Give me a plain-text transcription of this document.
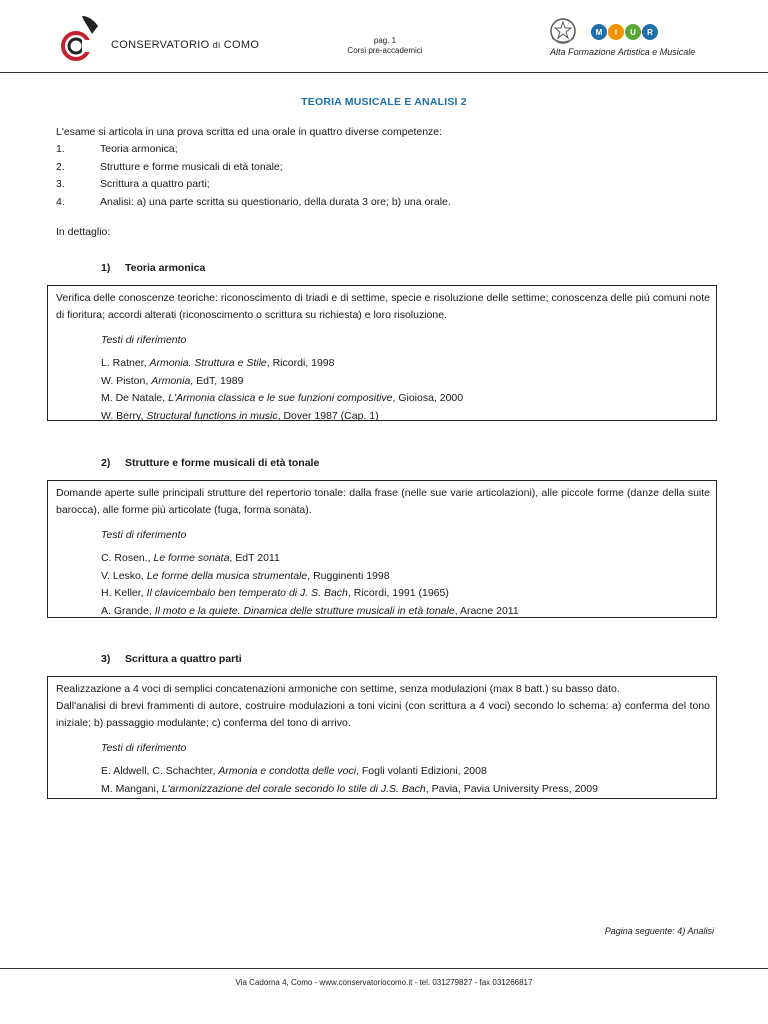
CONSERVATORIO di COMO	pag. 1
Corsi pre-accademici
M I U R
Alta Formazione Artistica e Musicale
TEORIA MUSICALE E ANALISI 2
L'esame si articola in una prova scritta ed una orale in quattro diverse competenze:
1.	Teoria armonica;
2.	Strutture e forme musicali di età tonale;
3.	Scrittura a quattro parti;
4.	Analisi: a) una parte scritta su questionario, della durata 3 ore; b) una orale.
In dettaglio:
1) Teoria armonica
Verifica delle conoscenze teoriche: riconoscimento di triadi e di settime, specie e risoluzione delle settime; conoscenza delle più comuni note di fioritura; accordi alterati (riconoscimento o scrittura su richiesta) e loro risoluzione.
Testi di riferimento
L. Ratner, Armonia. Struttura e Stile, Ricordi, 1998
W. Piston, Armonia, EdT, 1989
M. De Natale, L'Armonia classica e le sue funzioni compositive, Gioiosa, 2000
W. Berry, Structural functions in music, Dover 1987 (Cap. 1)
2) Strutture e forme musicali di età tonale
Domande aperte sulle principali strutture del repertorio tonale: dalla frase (nelle sue varie articolazioni), alle piccole forme (danze della suite barocca), alle forme più articolate (fuga, forma sonata).
Testi di riferimento
C. Rosen., Le forme sonata, EdT 2011
V. Lesko, Le forme della musica strumentale, Rugginenti 1998
H. Keller, Il clavicembalo ben temperato di J. S. Bach, Ricordi, 1991 (1965)
A. Grande, Il moto e la quiete. Dinamica delle strutture musicali in età tonale, Aracne 2011
3) Scrittura a quattro parti
Realizzazione a 4 voci di semplici concatenazioni armoniche con settime, senza modulazioni (max 8 batt.) su basso dato.
Dall'analisi di brevi frammenti di autore, costruire modulazioni a toni vicini (con scrittura a 4 voci) secondo lo schema: a) conferma del tono iniziale; b) passaggio modulante; c) conferma del tono di arrivo.
Testi di riferimento
E. Aldwell, C. Schachter, Armonia e condotta delle voci, Fogli volanti Edizioni, 2008
M. Mangani, L'armonizzazione del corale secondo lo stile di J.S. Bach, Pavia, Pavia University Press, 2009
Pagina seguente: 4) Analisi
Via Cadorna 4, Como - www.conservatoriocomo.it - tel. 031279827 - fax 031266817
